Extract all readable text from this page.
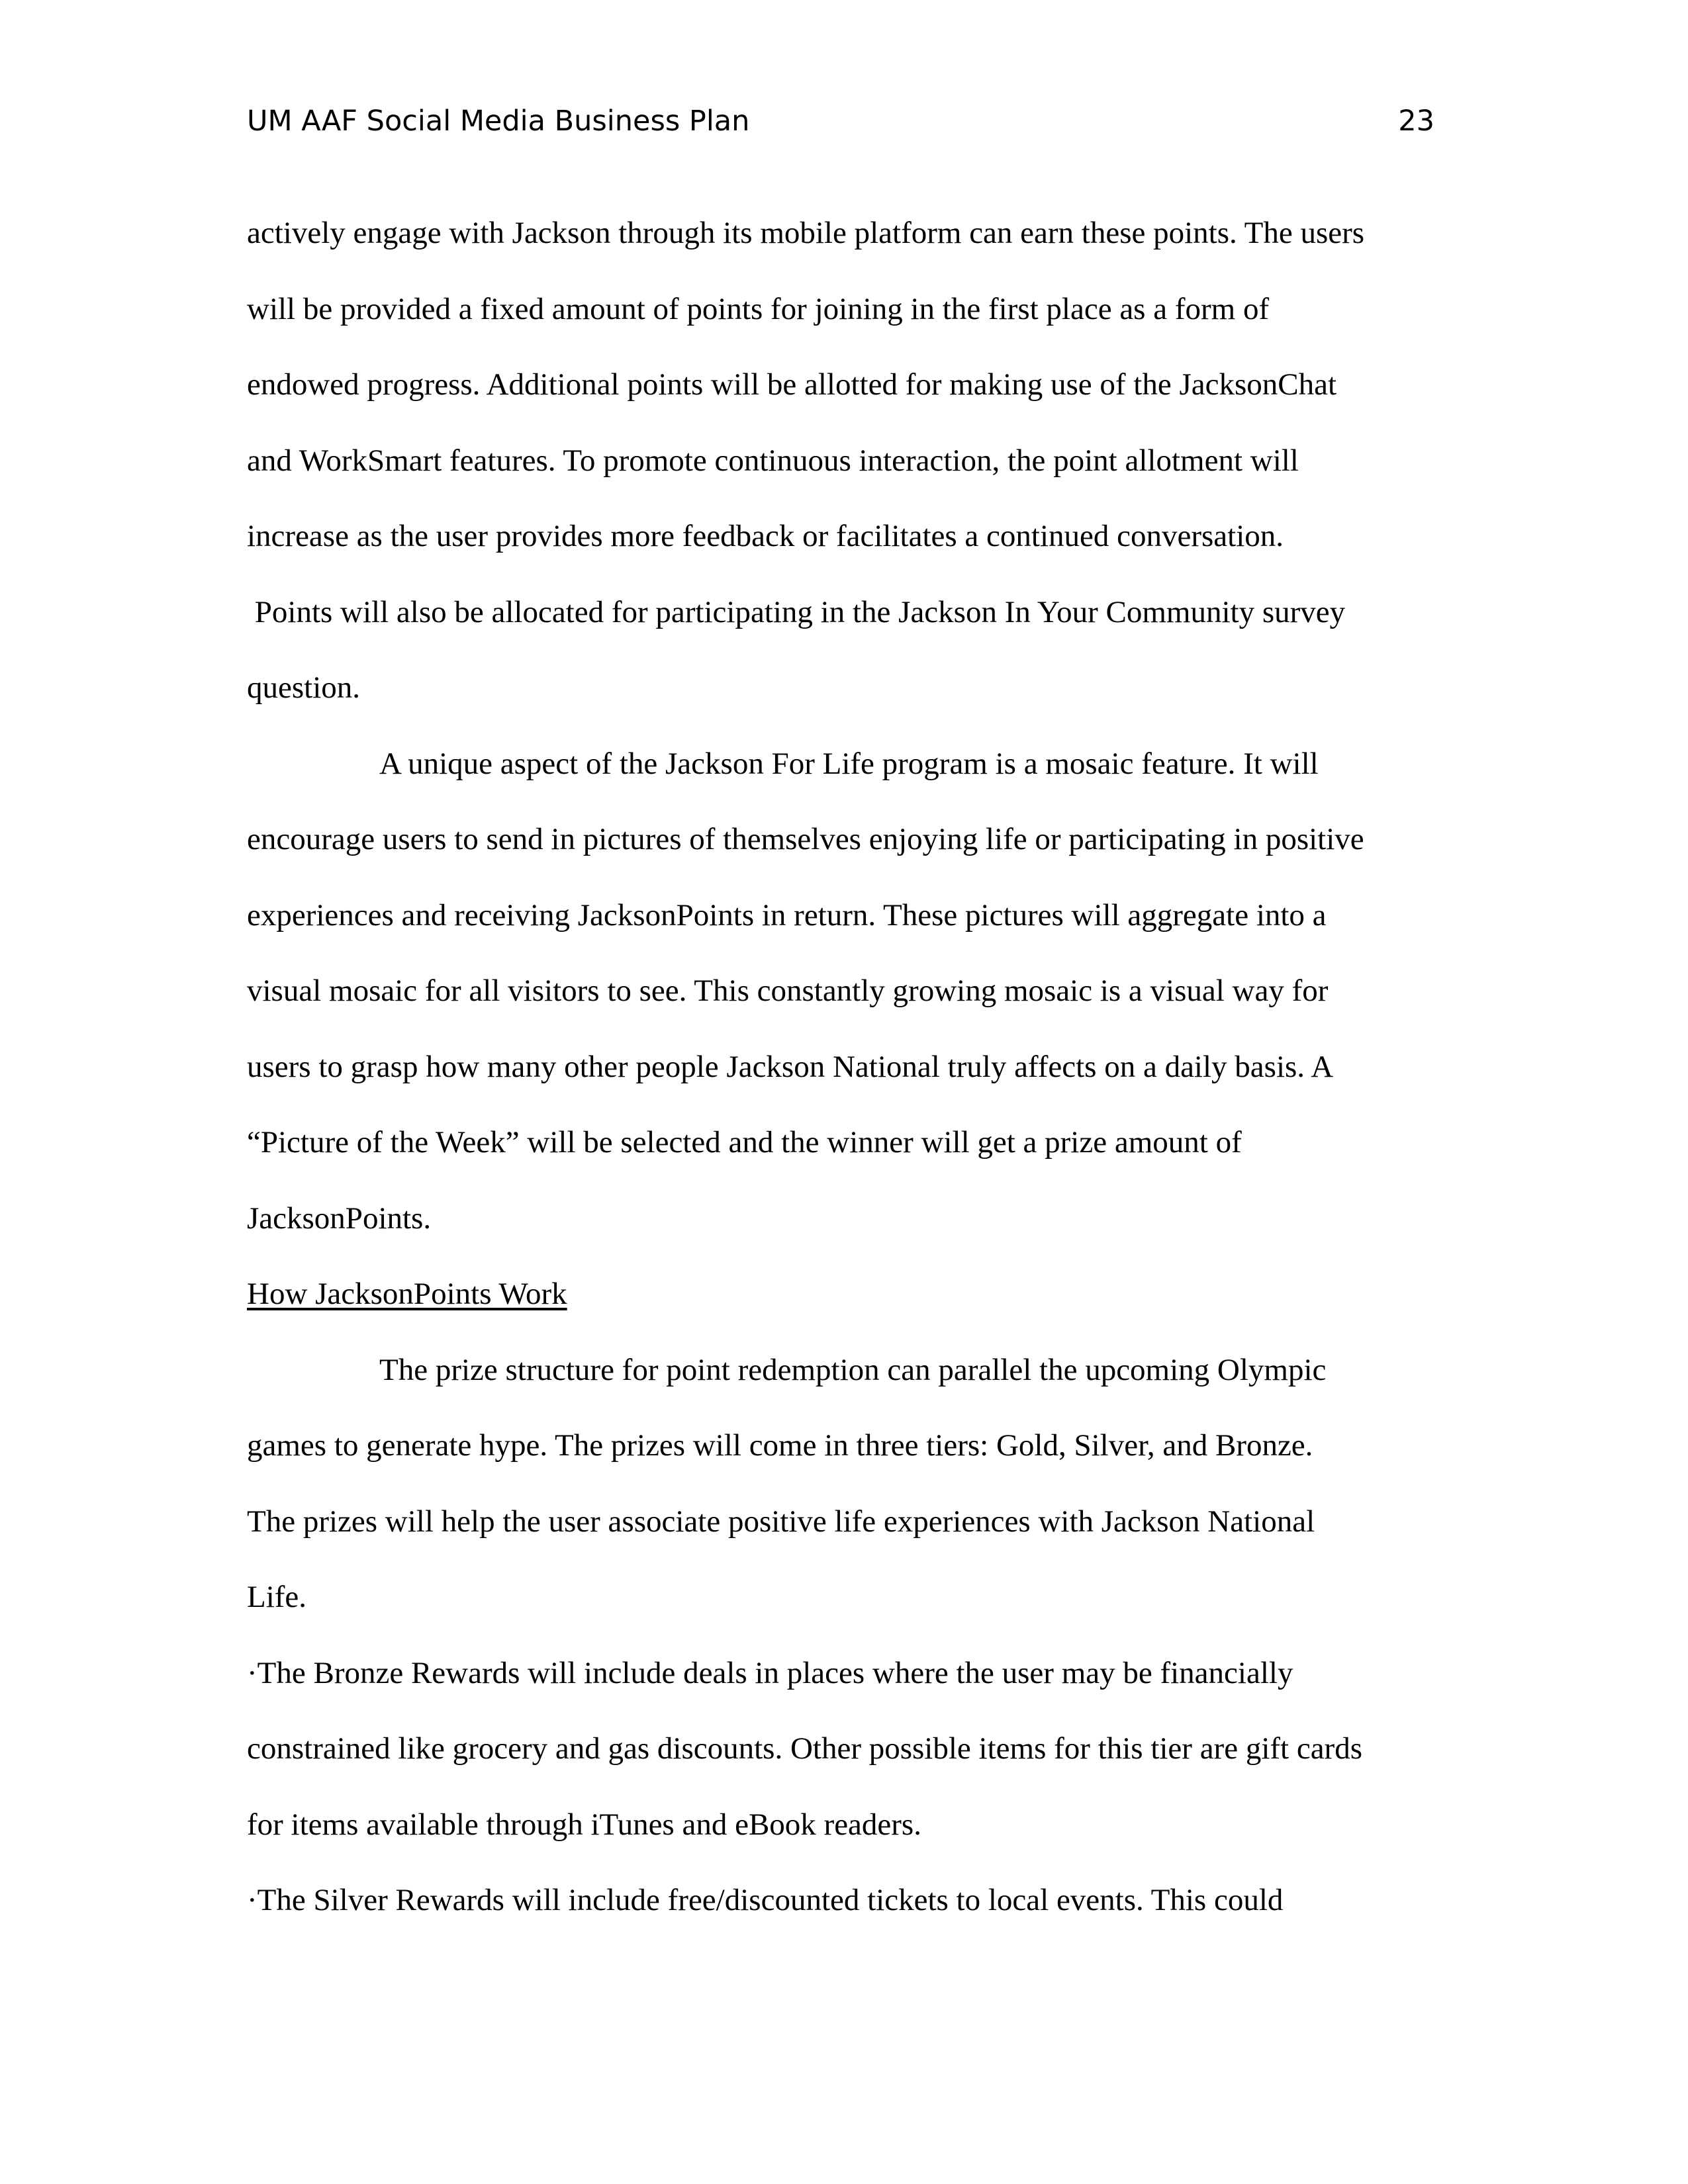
UM AAF Social Media Business Plan	23
actively engage with Jackson through its mobile platform can earn these points. The users
will be provided a fixed amount of points for joining in the first place as a form of
endowed progress. Additional points will be allotted for making use of the JacksonChat
and WorkSmart features. To promote continuous interaction, the point allotment will
increase as the user provides more feedback or facilitates a continued conversation.
Points will also be allocated for participating in the Jackson In Your Community survey
question.
A unique aspect of the Jackson For Life program is a mosaic feature. It will
encourage users to send in pictures of themselves enjoying life or participating in positive
experiences and receiving JacksonPoints in return. These pictures will aggregate into a
visual mosaic for all visitors to see. This constantly growing mosaic is a visual way for
users to grasp how many other people Jackson National truly affects on a daily basis. A
“Picture of the Week” will be selected and the winner will get a prize amount of
JacksonPoints.
How JacksonPoints Work
The prize structure for point redemption can parallel the upcoming Olympic
games to generate hype. The prizes will come in three tiers: Gold, Silver, and Bronze.
The prizes will help the user associate positive life experiences with Jackson National
Life.
·The Bronze Rewards will include deals in places where the user may be financially
constrained like grocery and gas discounts. Other possible items for this tier are gift cards
for items available through iTunes and eBook readers.
·The Silver Rewards will include free/discounted tickets to local events. This could
